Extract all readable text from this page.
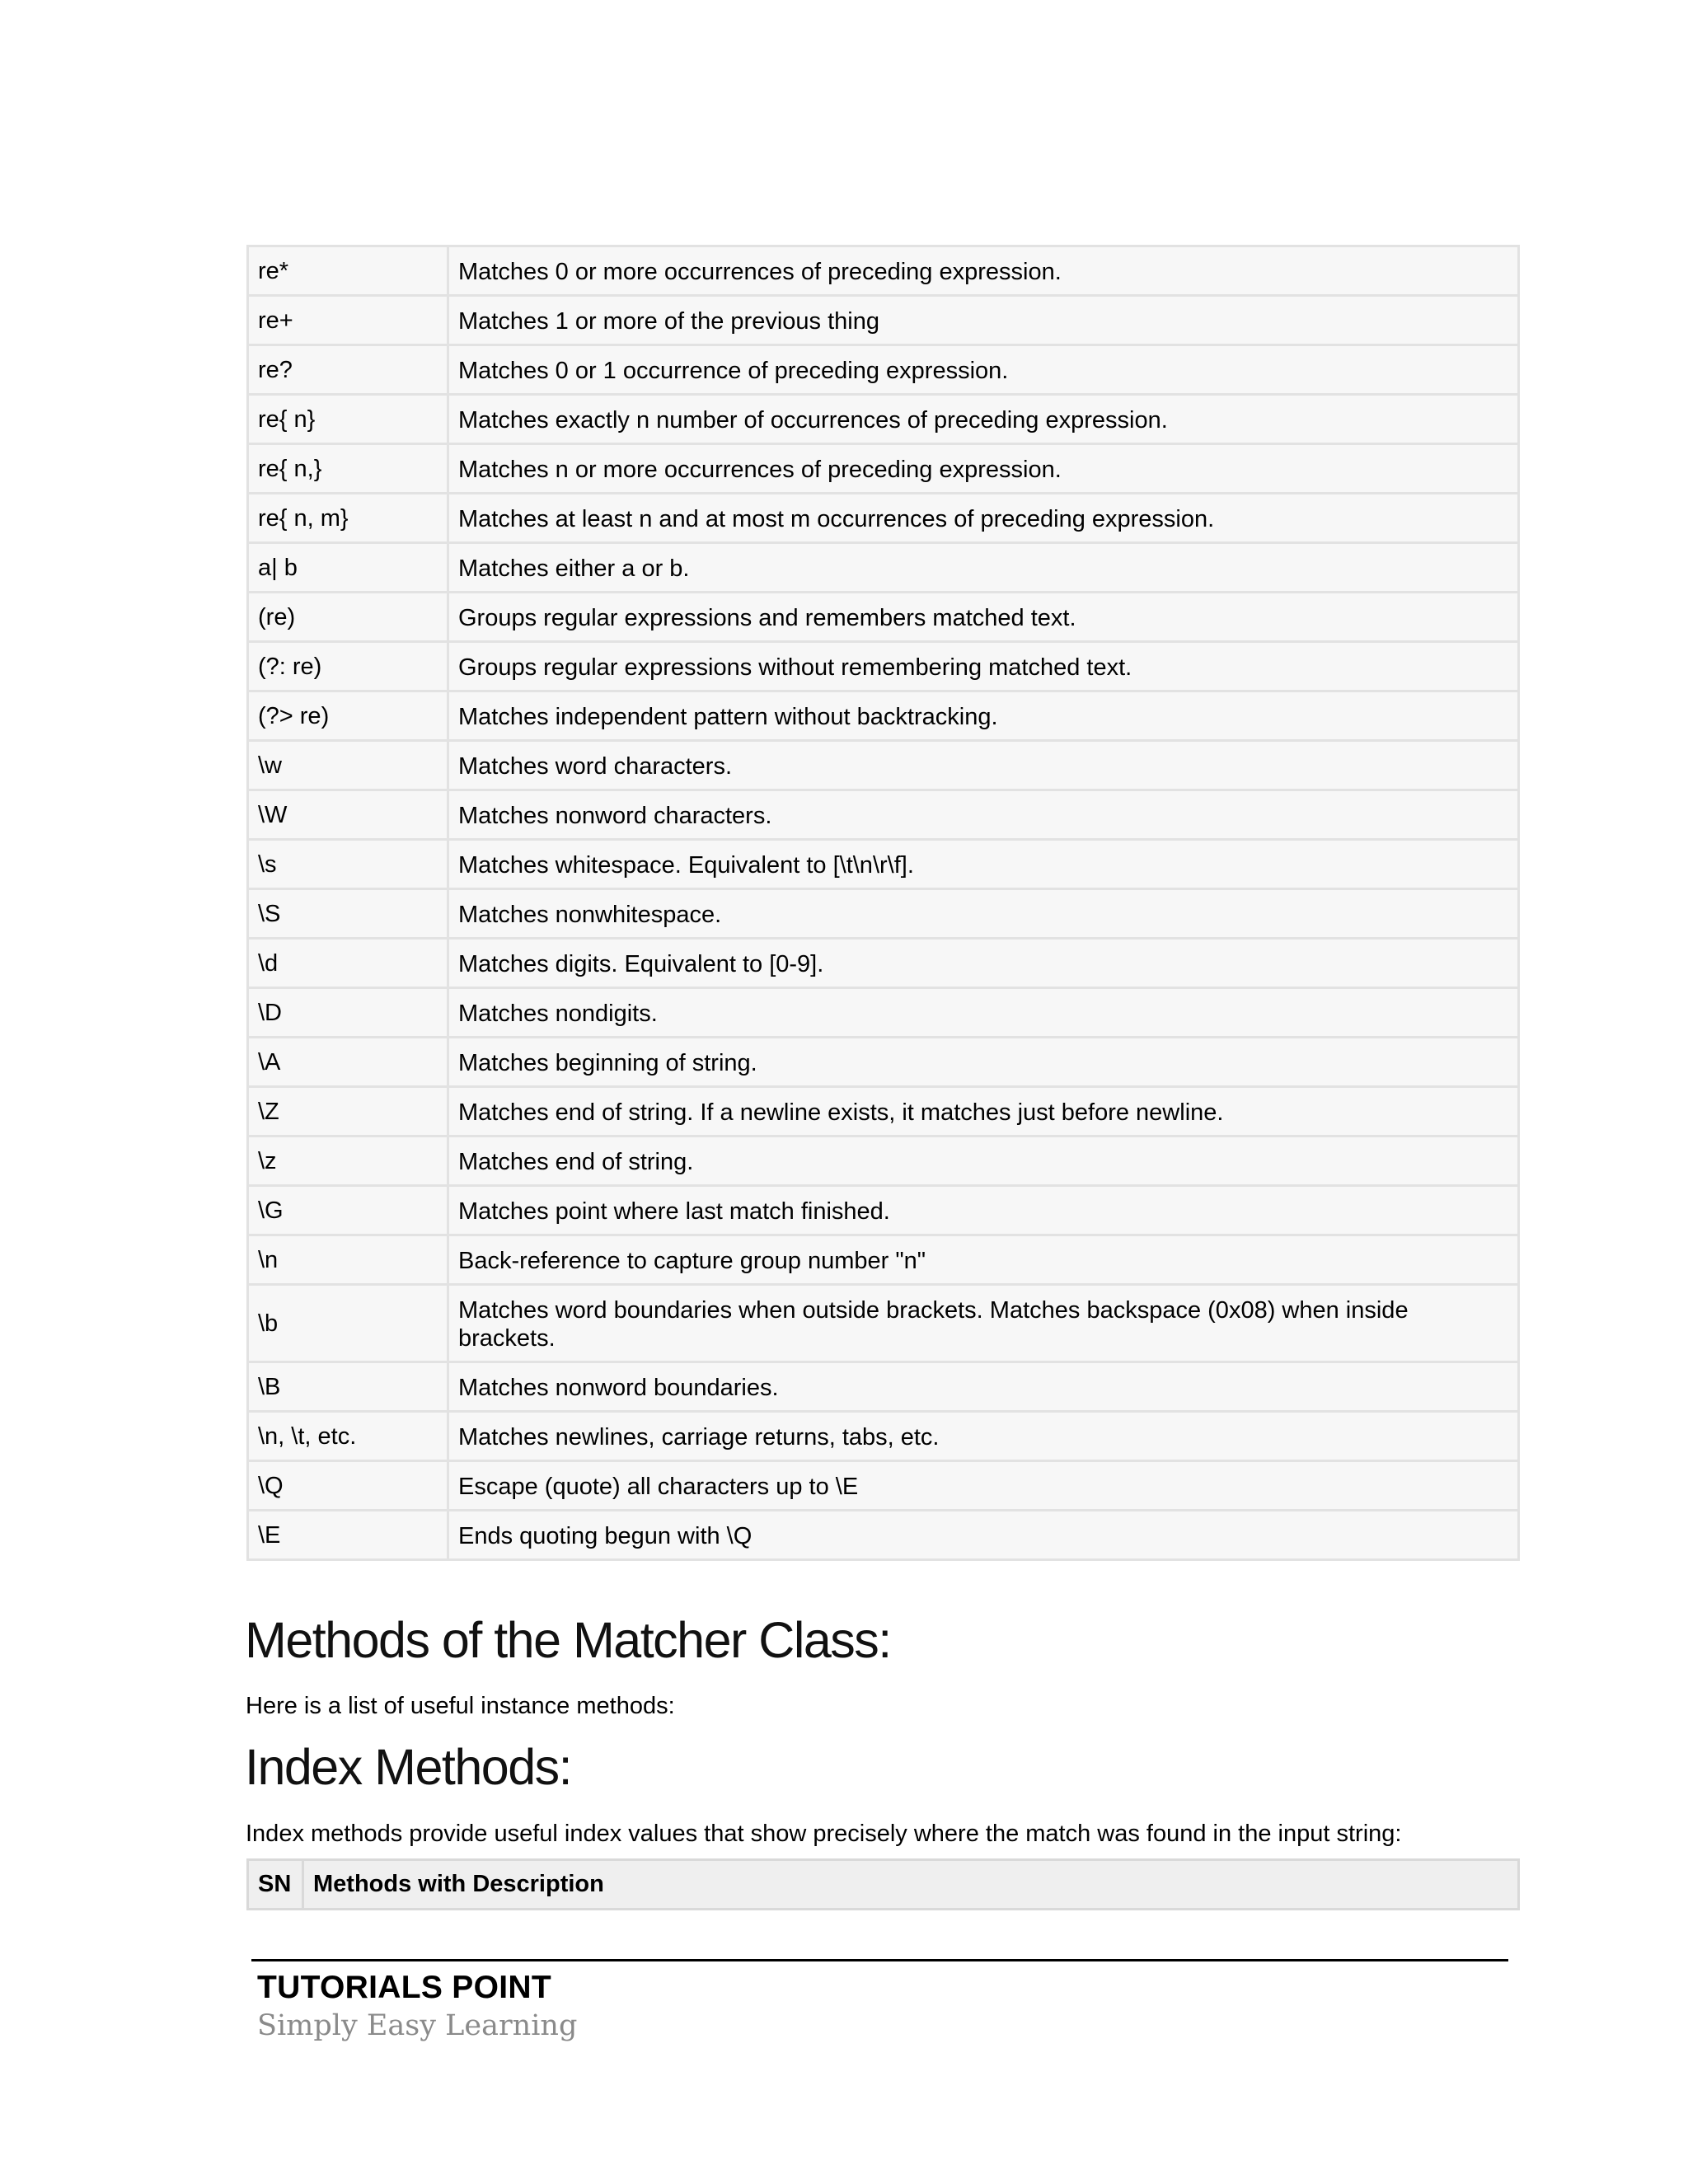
re*	Matches 0 or more occurrences of preceding expression.
re+	Matches 1 or more of the previous thing
re?	Matches 0 or 1 occurrence of preceding expression.
re{ n}	Matches exactly n number of occurrences of preceding expression.
re{ n,}	Matches n or more occurrences of preceding expression.
re{ n, m}	Matches at least n and at most m occurrences of preceding expression.
a| b	Matches either a or b.
(re)	Groups regular expressions and remembers matched text.
(?: re)	Groups regular expressions without remembering matched text.
(?> re)	Matches independent pattern without backtracking.
\w	Matches word characters.
\W	Matches nonword characters.
\s	Matches whitespace. Equivalent to [\t\n\r\f].
\S	Matches nonwhitespace.
\d	Matches digits. Equivalent to [0-9].
\D	Matches nondigits.
\A	Matches beginning of string.
\Z	Matches end of string. If a newline exists, it matches just before newline.
\z	Matches end of string.
\G	Matches point where last match finished.
\n	Back-reference to capture group number "n"
\b	Matches word boundaries when outside brackets. Matches backspace (0x08) when inside brackets.
\B	Matches nonword boundaries.
\n, \t, etc.	Matches newlines, carriage returns, tabs, etc.
\Q	Escape (quote) all characters up to \E
\E	Ends quoting begun with \Q
Methods of the Matcher Class:

Here is a list of useful instance methods:

Index Methods:

Index methods provide useful index values that show precisely where the match was found in the input string:

SN	Methods with Description
TUTORIALS POINT
Simply Easy Learning
